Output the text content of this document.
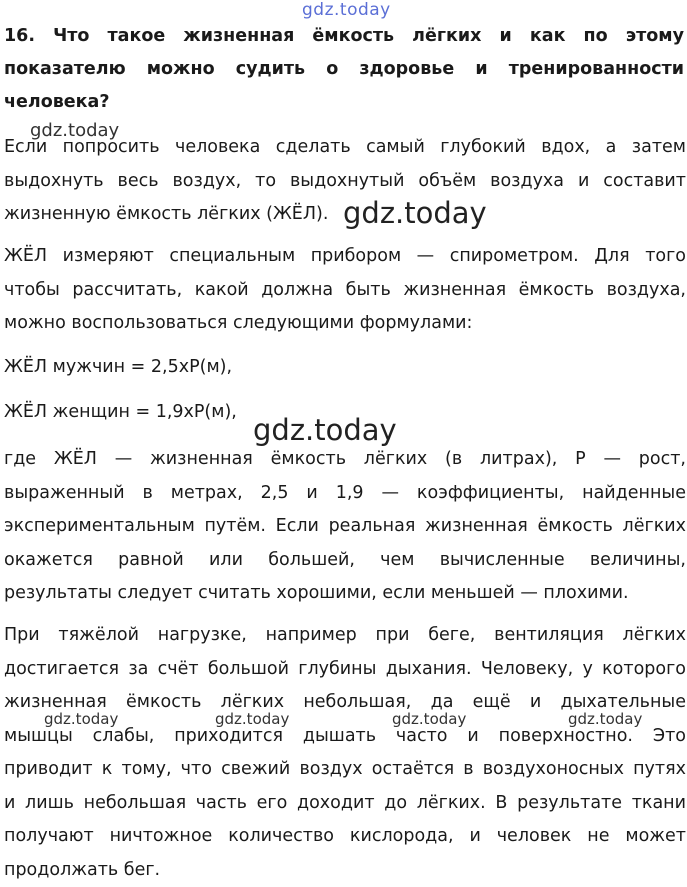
gdz.today
16. Что такое жизненная ёмкость лёгких и как по этому
показателю можно судить о здоровье и тренированности
человека?
Если попросить человека сделать самый глубокий вдох, а затем
выдохнуть весь воздух, то выдохнутый объём воздуха и составит
жизненную ёмкость лёгких (ЖЁЛ).
ЖЁЛ измеряют специальным прибором — спирометром. Для того
чтобы рассчитать, какой должна быть жизненная ёмкость воздуха,
можно воспользоваться следующими формулами:
ЖЁЛ мужчин = 2,5хР(м),
ЖЁЛ женщин = 1,9хР(м),
где ЖЁЛ — жизненная ёмкость лёгких (в литрах), Р — рост,
выраженный в метрах, 2,5 и 1,9 — коэффициенты, найденные
экспериментальным путём. Если реальная жизненная ёмкость лёгких
окажется равной или большей, чем вычисленные величины,
результаты следует считать хорошими, если меньшей — плохими.
При тяжёлой нагрузке, например при беге, вентиляция лёгких
достигается за счёт большой глубины дыхания. Человеку, у которого
жизненная ёмкость лёгких небольшая, да ещё и дыхательные
мышцы слабы, приходится дышать часто и поверхностно. Это
приводит к тому, что свежий воздух остаётся в воздухоносных путях
и лишь небольшая часть его доходит до лёгких. В результате ткани
получают ничтожное количество кислорода, и человек не может
продолжать бег.
gdz.today
gdz.today
gdz.today
gdz.today	gdz.today	gdz.today	gdz.today
